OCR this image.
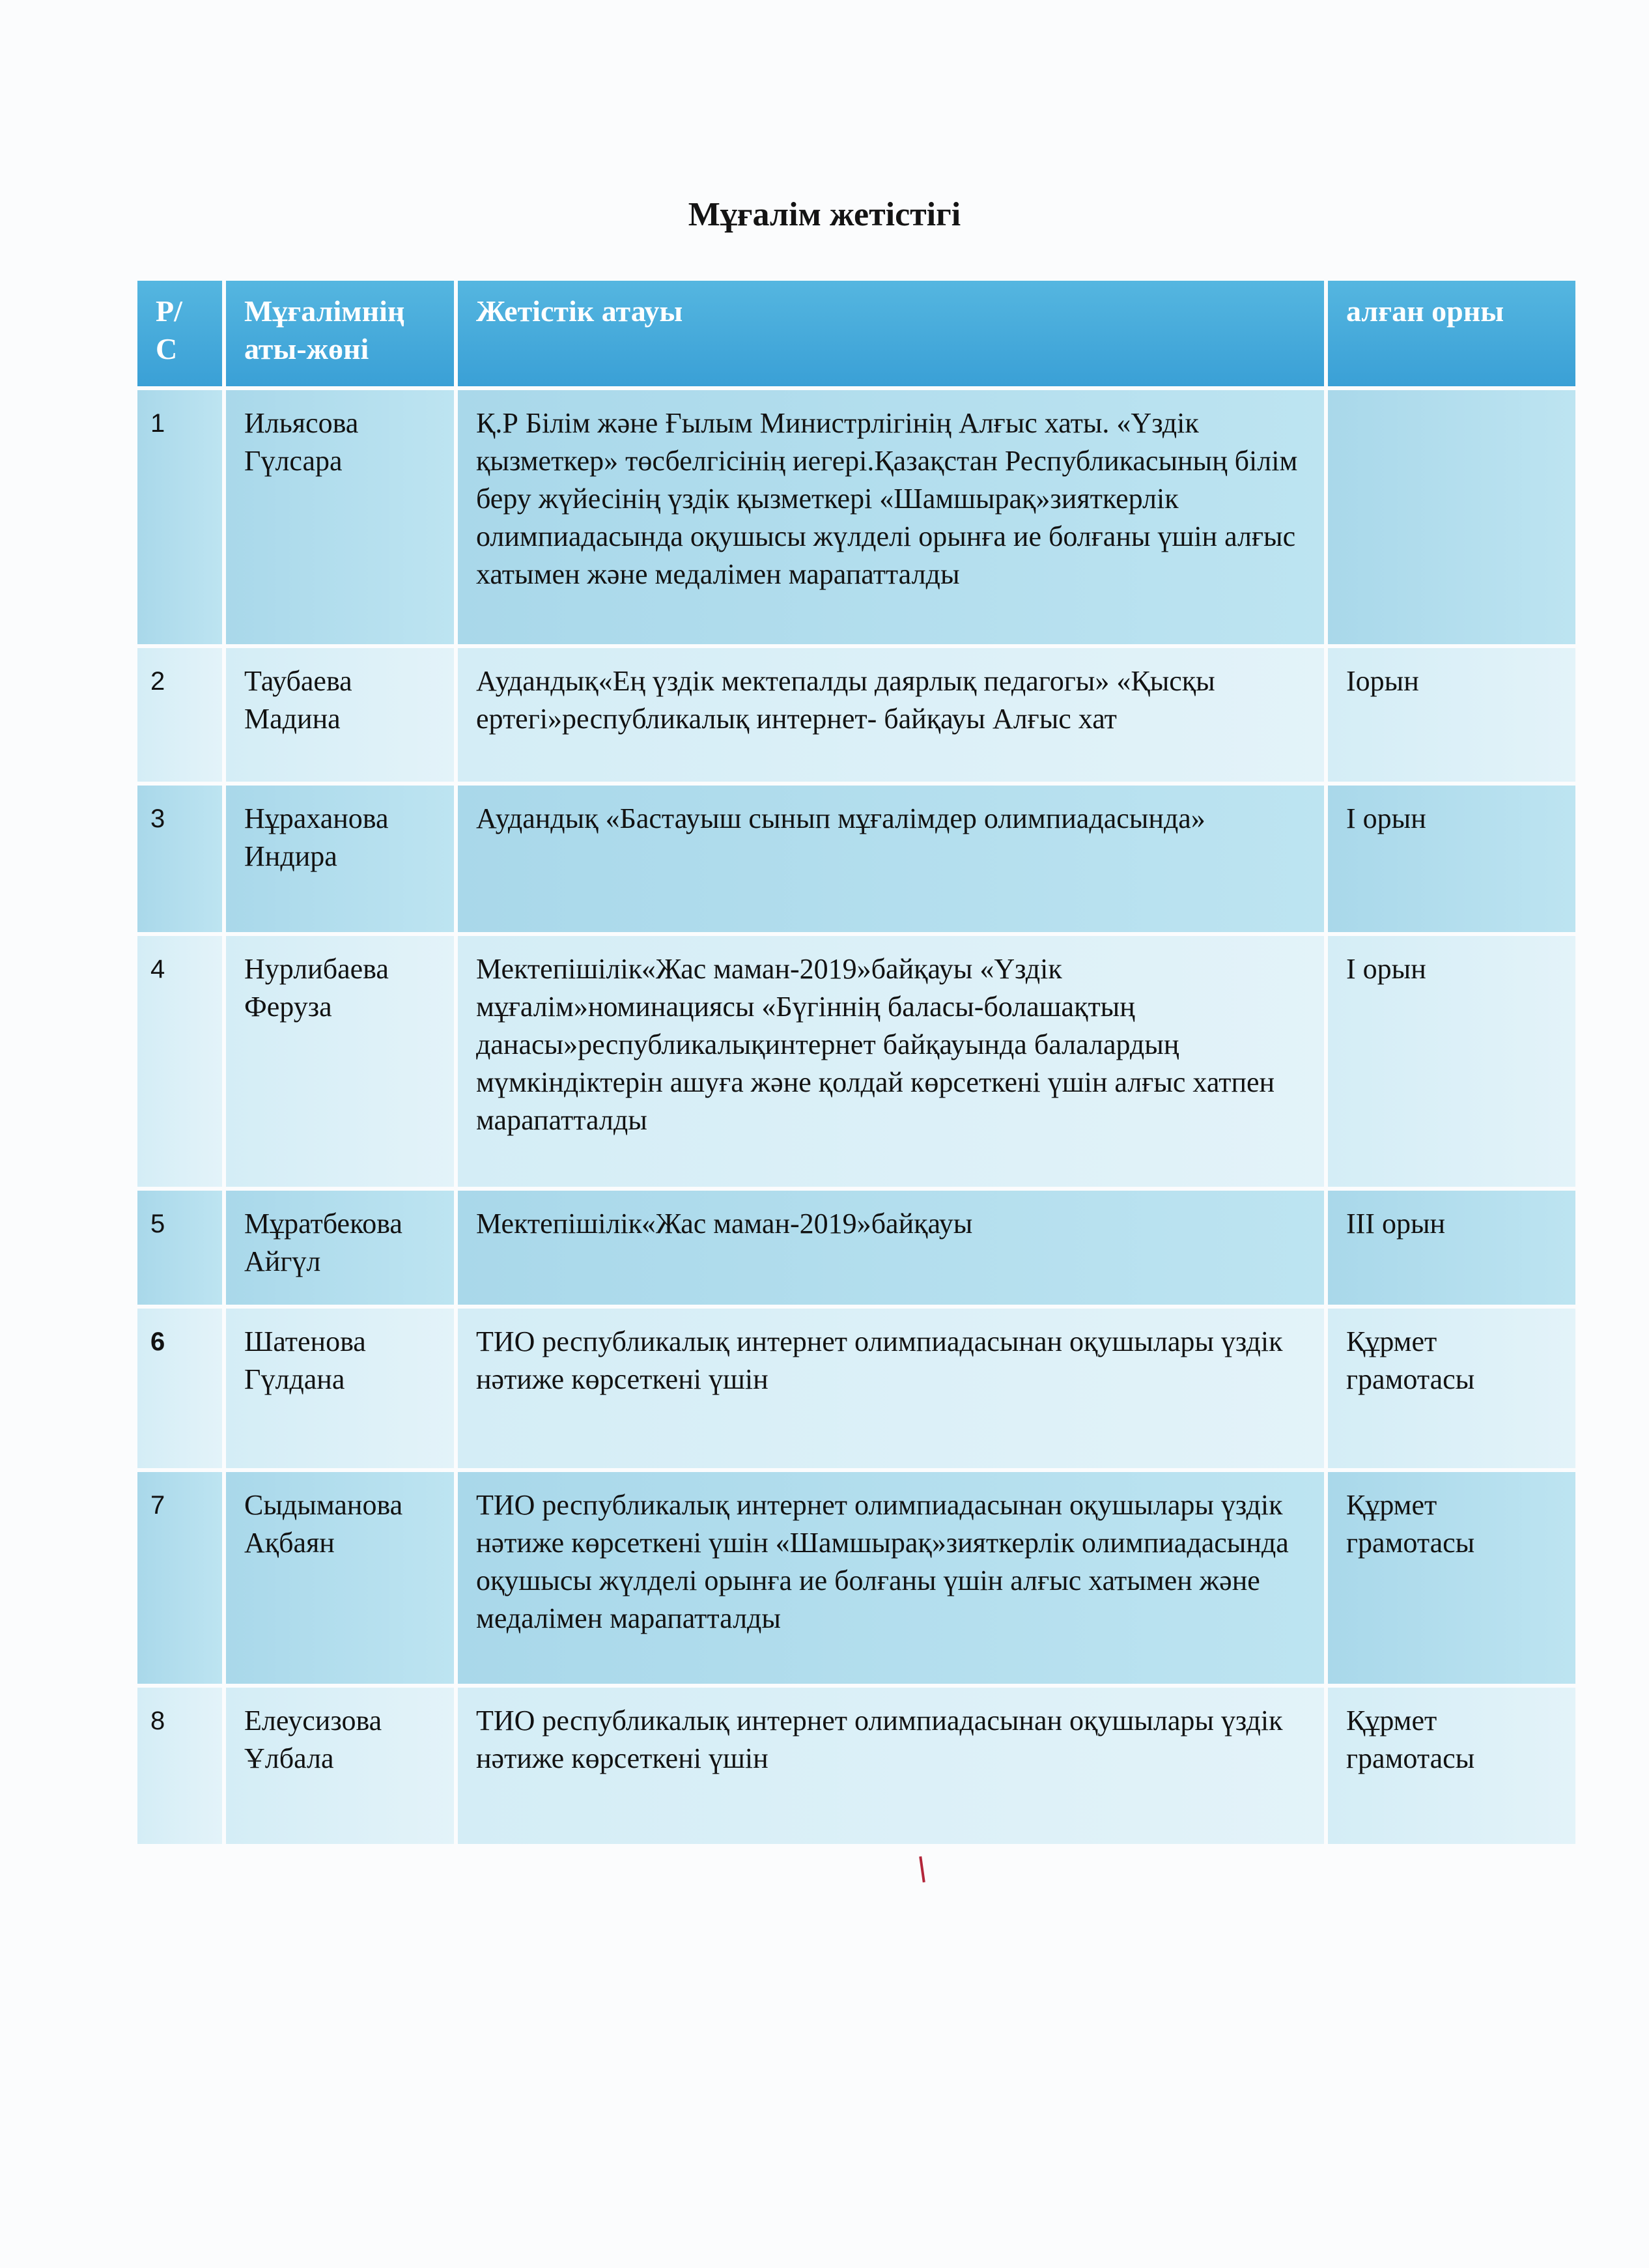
Мұғалім жетістігі
Р/С	Мұғалімнің аты-жөні	Жетістік атауы	алған орны
1	Ильясова Гүлсара	Қ.Р Білім және Ғылым Министрлігінің Алғыс хаты. «Үздік қызметкер» төсбелгісінің иегері.Қазақстан Республикасының білім беру жүйесінің үздік қызметкері «Шамшырақ»зияткерлік олимпиадасында оқушысы жүлделі орынға ие болғаны үшін алғыс хатымен және медалімен марапатталды	
2	Таубаева Мадина	Аудандық«Ең үздік мектепалды даярлық педагогы» «Қысқы ертегі»республикалық интернет- байқауы Алғыс хат	Іорын
3	Нұраханова Индира	Аудандық «Бастауыш сынып мұғалімдер олимпиадасында»	І орын
4	Нурлибаева Феруза	Мектепішілік«Жас маман-2019»байқауы «Үздік мұғалім»номинациясы «Бүгіннің баласы-болашақтың данасы»республикалықинтернет байқауында балалардың мүмкіндіктерін ашуға және қолдай көрсеткені үшін алғыс хатпен марапатталды	І орын
5	Мұратбекова Айгүл	Мектепішілік«Жас маман-2019»байқауы	ІІІ орын
6	Шатенова Гүлдана	ТИО республикалық интернет олимпиадасынан оқушылары үздік нәтиже көрсеткені үшін	Құрмет грамотасы
7	Сыдыманова Ақбаян	ТИО республикалық интернет олимпиадасынан оқушылары үздік нәтиже көрсеткені үшін «Шамшырақ»зияткерлік олимпиадасында оқушысы жүлделі орынға ие болғаны үшін алғыс хатымен және медалімен марапатталды	Құрмет грамотасы
8	Елеусизова Ұлбала	ТИО республикалық интернет олимпиадасынан оқушылары үздік нәтиже көрсеткені үшін	Құрмет грамотасы
